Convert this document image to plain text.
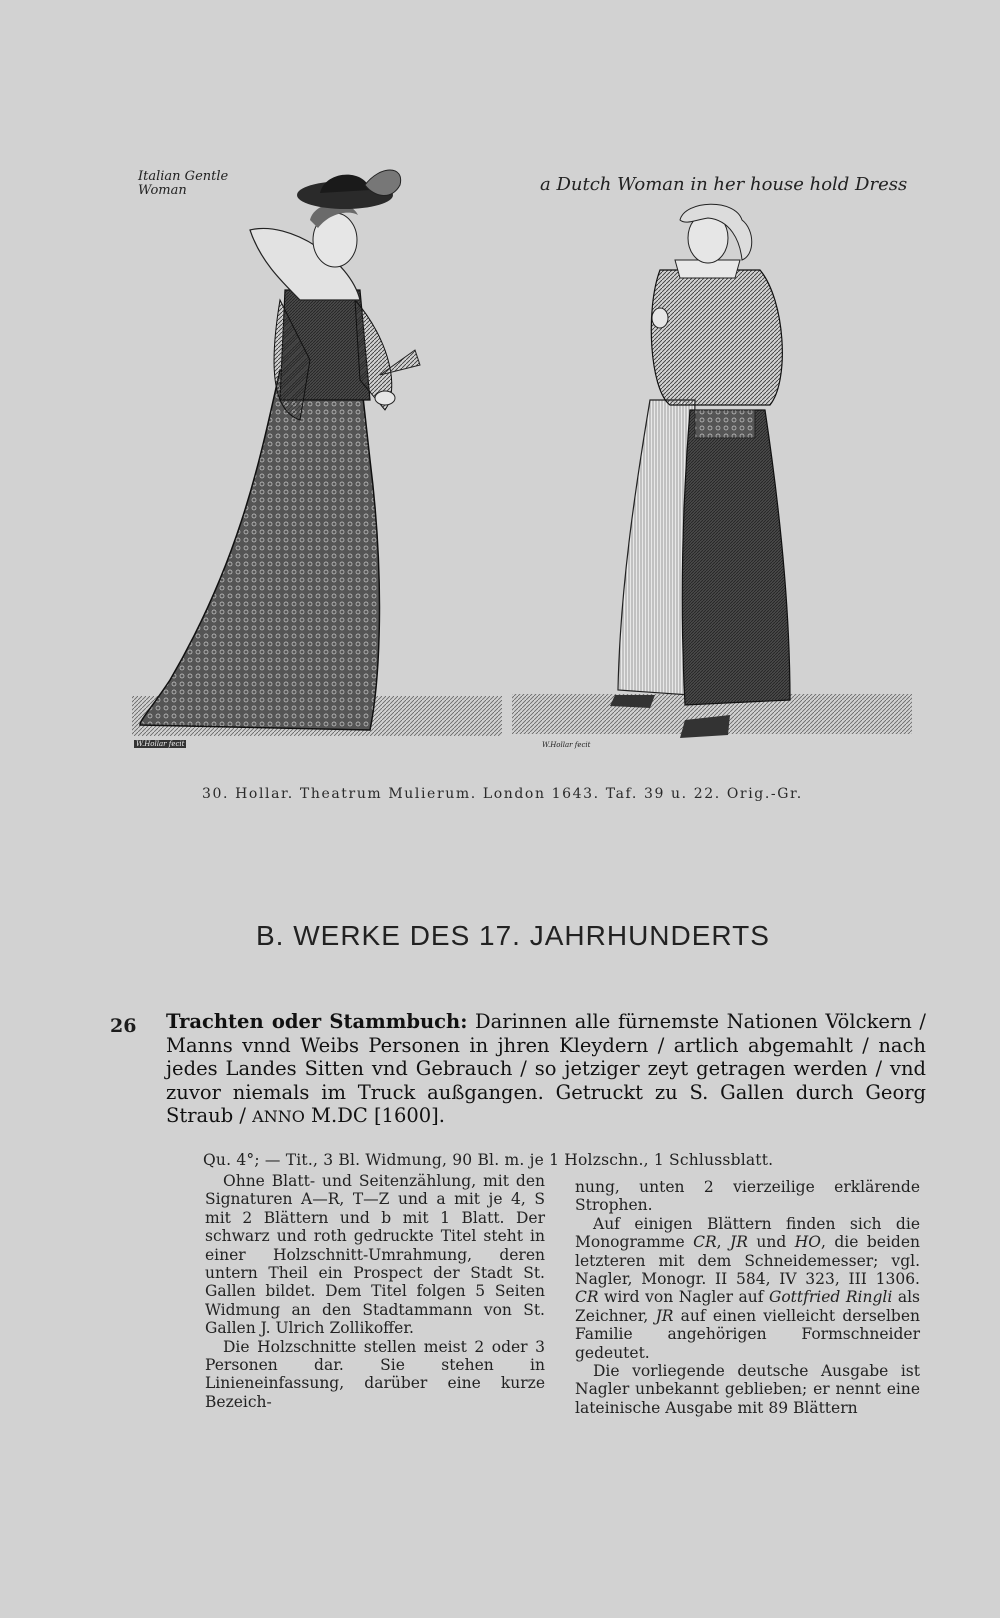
Italian Gentle Woman	a Dutch Woman in her house hold Dress
W.Hollar fecit	W.Hollar fecit
30. Hollar. Theatrum Mulierum. London 1643. Taf. 39 u. 22. Orig.-Gr.
B. WERKE DES 17. JAHRHUNDERTS
26 Trachten oder Stammbuch: Darinnen alle fürnemste Nationen Völckern / Manns vnnd Weibs Personen in jhren Kleydern / artlich abgemahlt / nach jedes Landes Sitten vnd Gebrauch / so jetziger zeyt getragen werden / vnd zuvor niemals im Truck außgangen. Getruckt zu S. Gallen durch Georg Straub / ANNO M.DC [1600].
Qu. 4°; — Tit., 3 Bl. Widmung, 90 Bl. m. je 1 Holzschn., 1 Schlussblatt.

Ohne Blatt- und Seitenzählung, mit den Signaturen A—R, T—Z und a mit je 4, S mit 2 Blättern und b mit 1 Blatt. Der schwarz und roth gedruckte Titel steht in einer Holzschnitt-Umrahmung, deren untern Theil ein Prospect der Stadt St. Gallen bildet. Dem Titel folgen 5 Seiten Widmung an den Stadtammann von St. Gallen J. Ulrich Zollikoffer.

Die Holzschnitte stellen meist 2 oder 3 Personen dar. Sie stehen in Linieneinfassung, darüber eine kurze Bezeich-

nung, unten 2 vierzeilige erklärende Strophen.

Auf einigen Blättern finden sich die Monogramme CR, JR und HO, die beiden letzteren mit dem Schneidemesser; vgl. Nagler, Monogr. II 584, IV 323, III 1306. CR wird von Nagler auf Gottfried Ringli als Zeichner, JR auf einen vielleicht derselben Familie angehörigen Formschneider gedeutet.

Die vorliegende deutsche Ausgabe ist Nagler unbekannt geblieben; er nennt eine lateinische Ausgabe mit 89 Blättern
